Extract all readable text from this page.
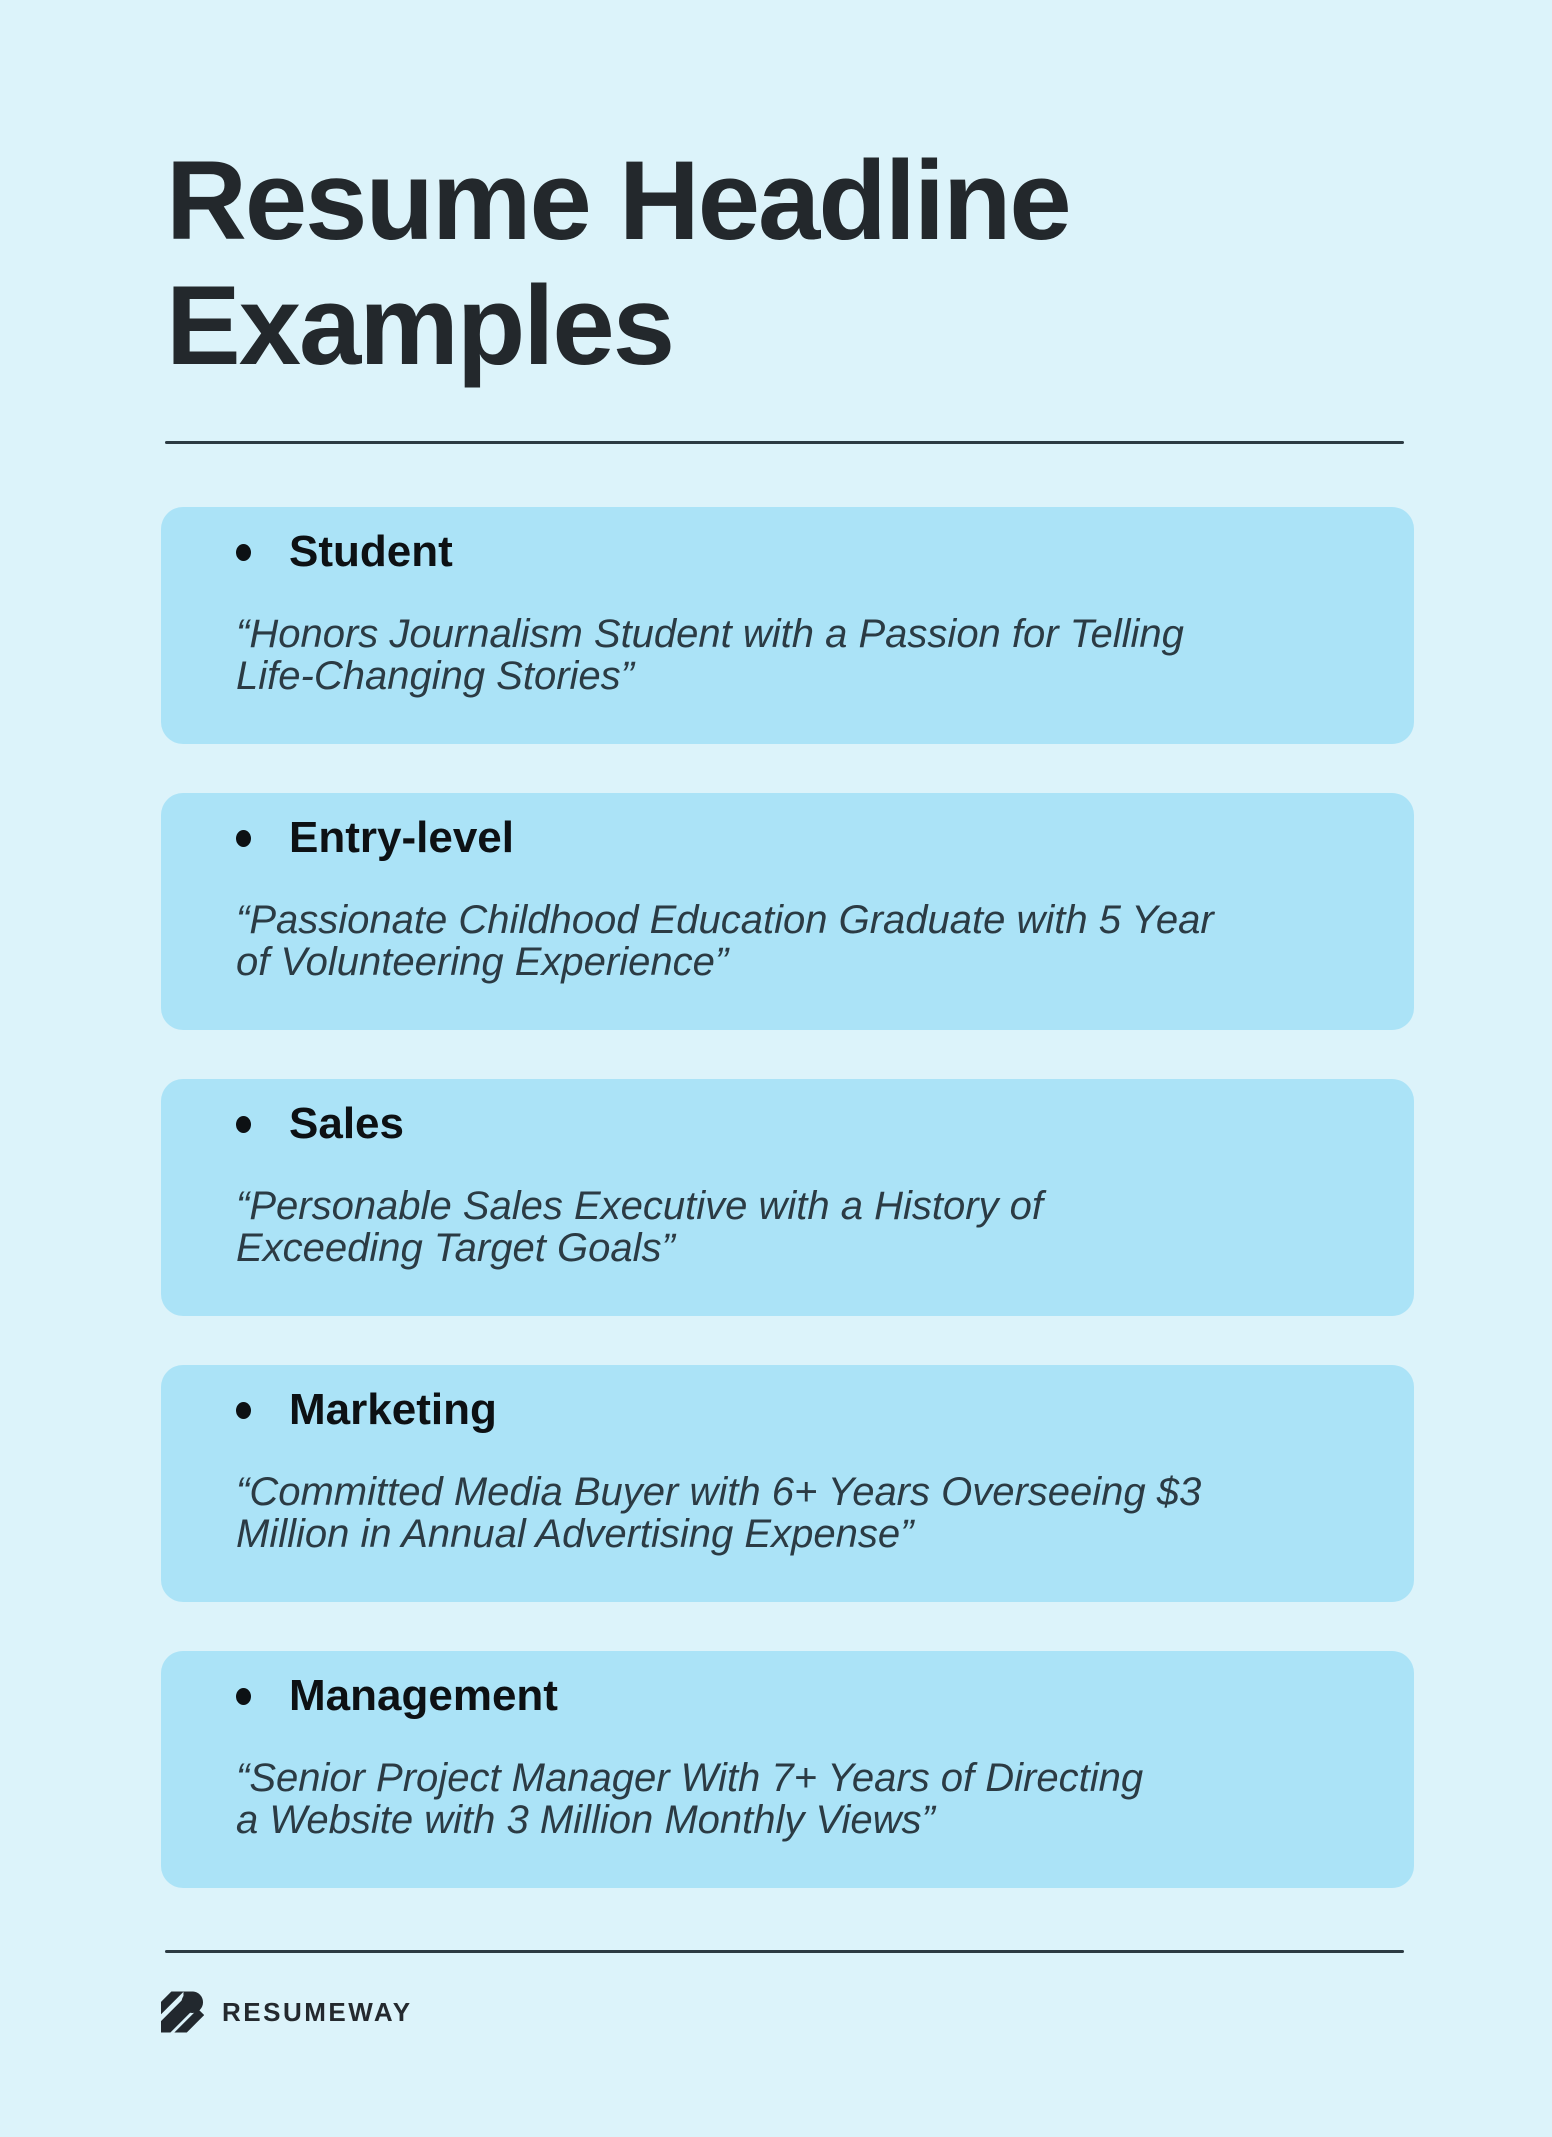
Resume Headline
Examples
Student

“Honors Journalism Student with a Passion for Telling
Life-Changing Stories”

Entry-level

“Passionate Childhood Education Graduate with 5 Year
of Volunteering Experience”

Sales

“Personable Sales Executive with a History of
Exceeding Target Goals”

Marketing

“Committed Media Buyer with 6+ Years Overseeing $3
Million in Annual Advertising Expense”

Management

“Senior Project Manager With 7+ Years of Directing
a Website with 3 Million Monthly Views”

RESUMEWAY
